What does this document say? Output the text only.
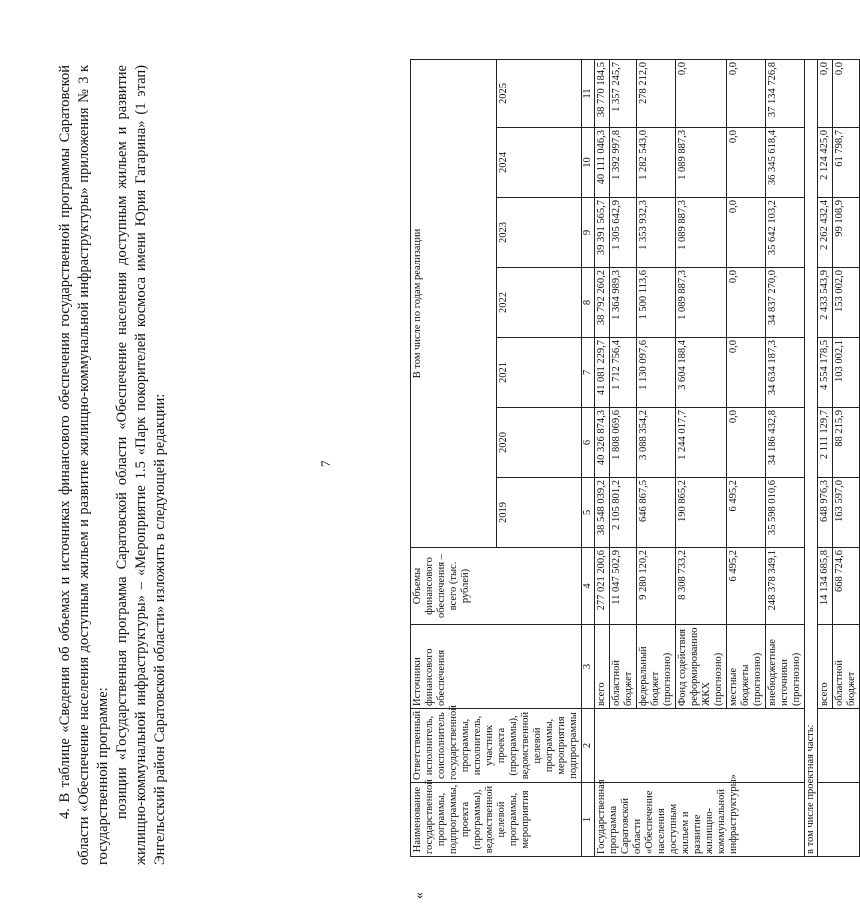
7

4. В таблице «Сведения об объемах и источниках финансового обеспечения государственной программы Саратовской области «Обеспечение населения доступным жильем и развитие жилищно-коммунальной инфраструктуры» приложения № 3 к государственной программе: позиции «Государственная программа Саратовской области «Обеспечение населения доступным жильем и развитие жилищно-коммунальной инфраструктуры» – «Мероприятие 1.5 «Парк покорителей космоса имени Юрия Гагарина» (1 этап) Энгельсский район Саратовской области» изложить в следующей редакции:

«
Наименование государственной программы, подпрограммы, проекта (программы), ведомственной целевой программы, мероприятия	Ответственный исполнитель, соисполнитель государственной программы, исполнитель, участник проекта (программы), ведомственной целевой программы, мероприятия подпрограммы	Источники финансового обеспечения	Объемы финансового обеспечения – всего (тыс. рублей)	В том числе по годам реализации						
				2019	2020	2021	2022	2023	2024	2025
1	2	3	4	5	6	7	8	9	10	11
Государственная программа Саратовской области «Обеспечение населения доступным жильем и развитие жилищно-коммунальной инфраструктуры»		всего	277 021 200,6	38 548 039,2	40 326 874,3	41 081 229,7	38 792 260,2	39 391 565,7	40 111 046,3	38 770 184,5
		областной бюджет	11 047 502,9	2 105 801,2	1 808 069,6	1 712 756,4	1 364 989,3	1 305 642,9	1 392 997,8	1 357 245,7
		федеральный бюджет (прогнозно)	9 280 120,2	646 867,5	3 088 354,2	1 130 097,6	1 500 113,6	1 353 932,3	1 282 543,0	278 212,0
		Фонд содействия реформированию ЖКХ (прогнозно)	8 308 733,2	190 865,2	1 244 017,7	3 604 188,4	1 089 887,3	1 089 887,3	1 089 887,3	0,0
		местные бюджеты (прогнозно)	6 495,2	6 495,2	0,0	0,0	0,0	0,0	0,0	0,0
		внебюджетные источники (прогнозно)	248 378 349,1	35 598 010,6	34 186 432,8	34 634 187,3	34 837 270,0	35 642 103,2	36 345 618,4	37 134 726,8
в том числе проектная часть:										
		всего	14 134 685,8	648 976,3	2 111 129,7	4 554 178,5	2 433 543,9	2 262 432,4	2 124 425,0	0,0
		областной бюджет	668 724,6	163 597,0	88 215,9	103 002,1	153 002,0	99 108,9	61 798,7	0,0
